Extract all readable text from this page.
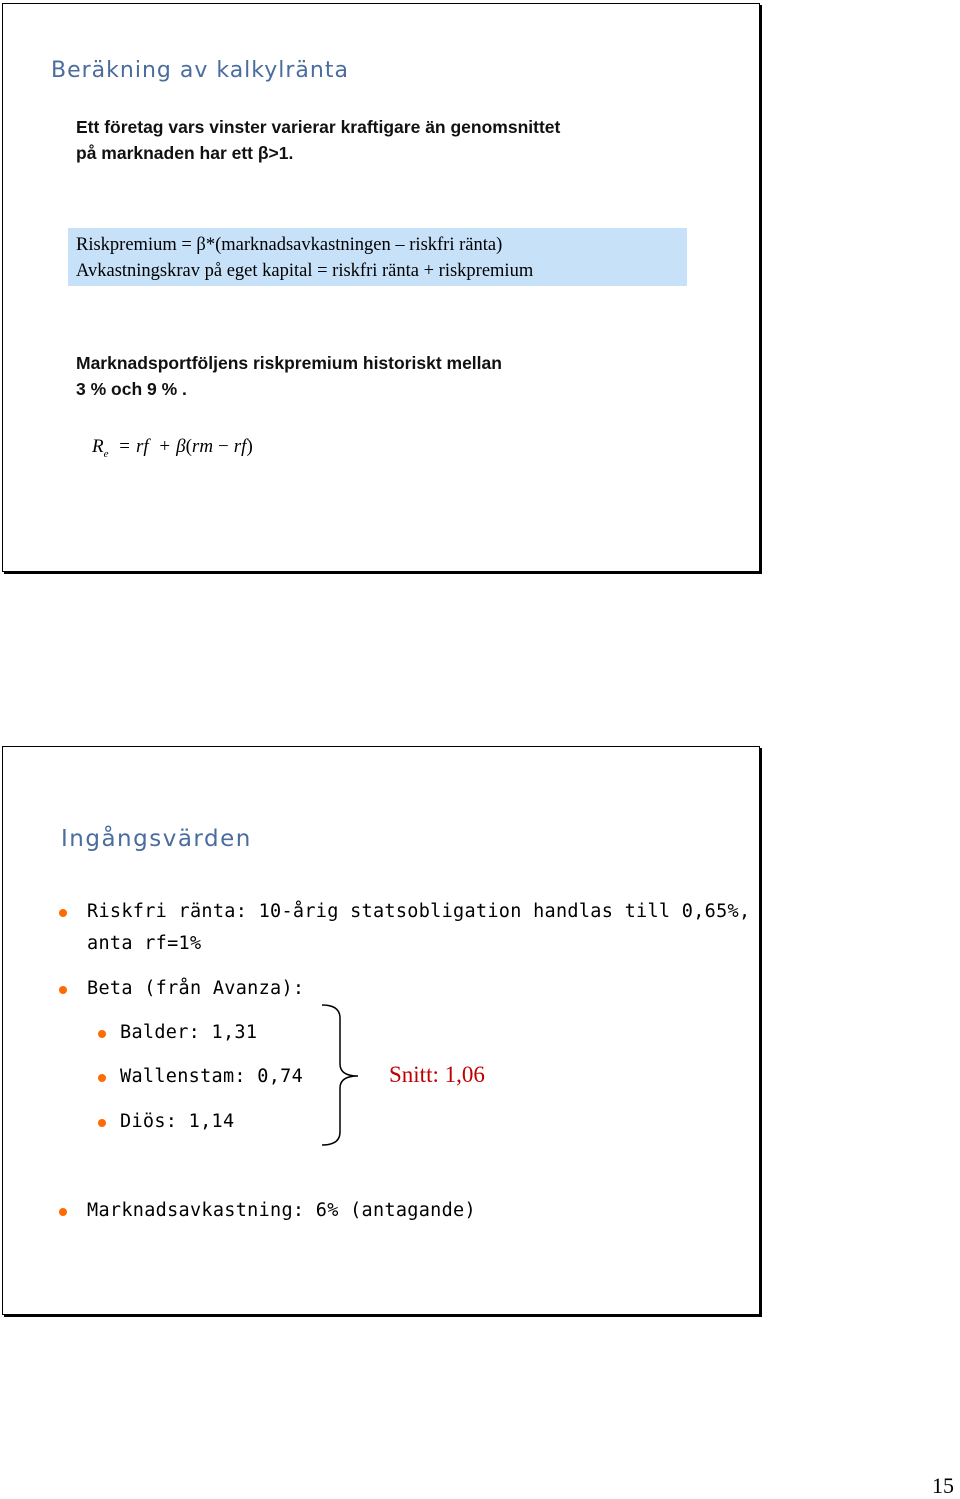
Beräkning av kalkylränta
Ett företag vars vinster varierar kraftigare än genomsnittet
på marknaden har ett β>1.
Riskpremium = β*(marknadsavkastningen – riskfri ränta)
Avkastningskrav på eget kapital = riskfri ränta + riskpremium
Marknadsportföljens riskpremium historiskt mellan
3 % och 9 % .
$R_e$ = rf + β(rm − rf)
Ingångsvärden
Riskfri ränta: 10-årig statsobligation handlas till 0,65%,
anta rf=1%
Beta (från Avanza):
Balder: 1,31
Wallenstam: 0,74
Diös: 1,14
Snitt: 1,06
Marknadsavkastning: 6% (antagande)
15
